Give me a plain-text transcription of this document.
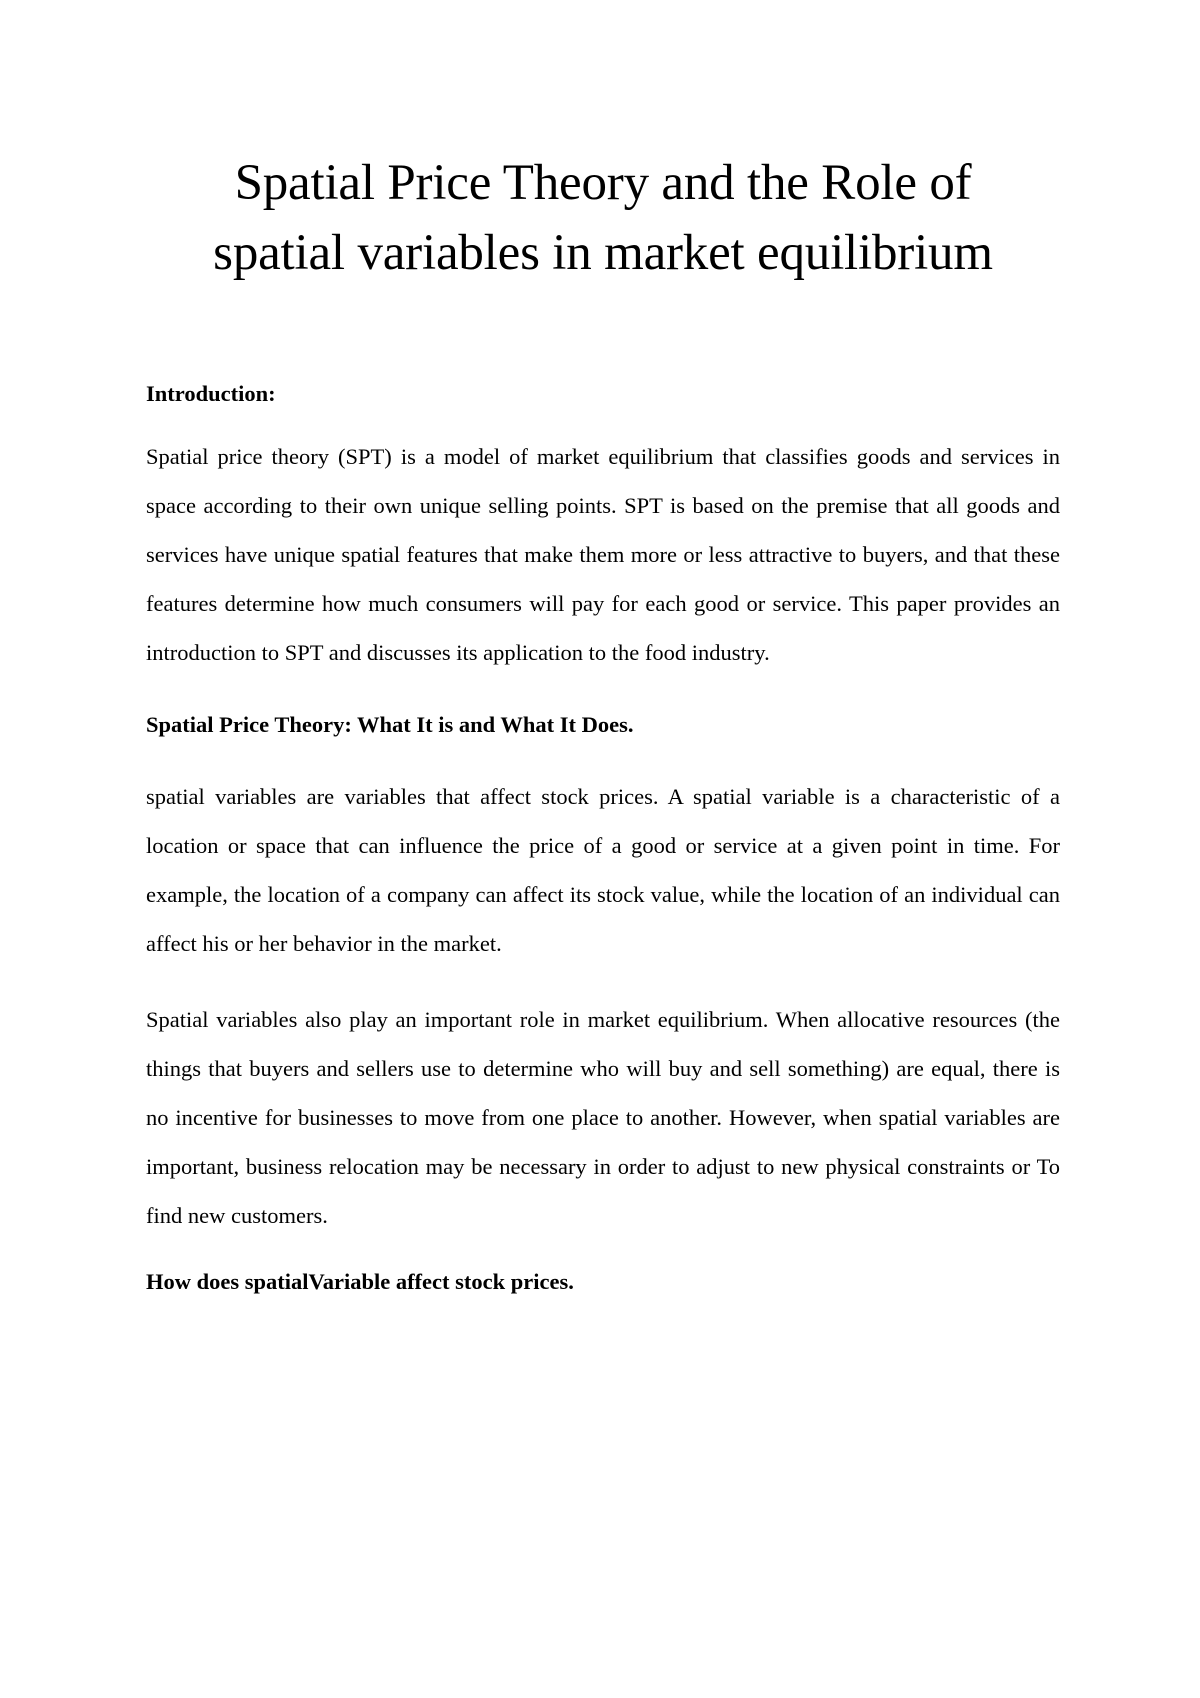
Spatial Price Theory and the Role of
spatial variables in market equilibrium
Introduction:

Spatial price theory (SPT) is a model of market equilibrium that classifies goods and services in space according to their own unique selling points. SPT is based on the premise that all goods and services have unique spatial features that make them more or less attractive to buyers, and that these features determine how much consumers will pay for each good or service. This paper provides an introduction to SPT and discusses its application to the food industry.

Spatial Price Theory: What It is and What It Does.

spatial variables are variables that affect stock prices. A spatial variable is a characteristic of a location or space that can influence the price of a good or service at a given point in time. For example, the location of a company can affect its stock value, while the location of an individual can affect his or her behavior in the market.

Spatial variables also play an important role in market equilibrium. When allocative resources (the things that buyers and sellers use to determine who will buy and sell something) are equal, there is no incentive for businesses to move from one place to another. However, when spatial variables are important, business relocation may be necessary in order to adjust to new physical constraints or To find new customers.

How does spatialVariable affect stock prices.
